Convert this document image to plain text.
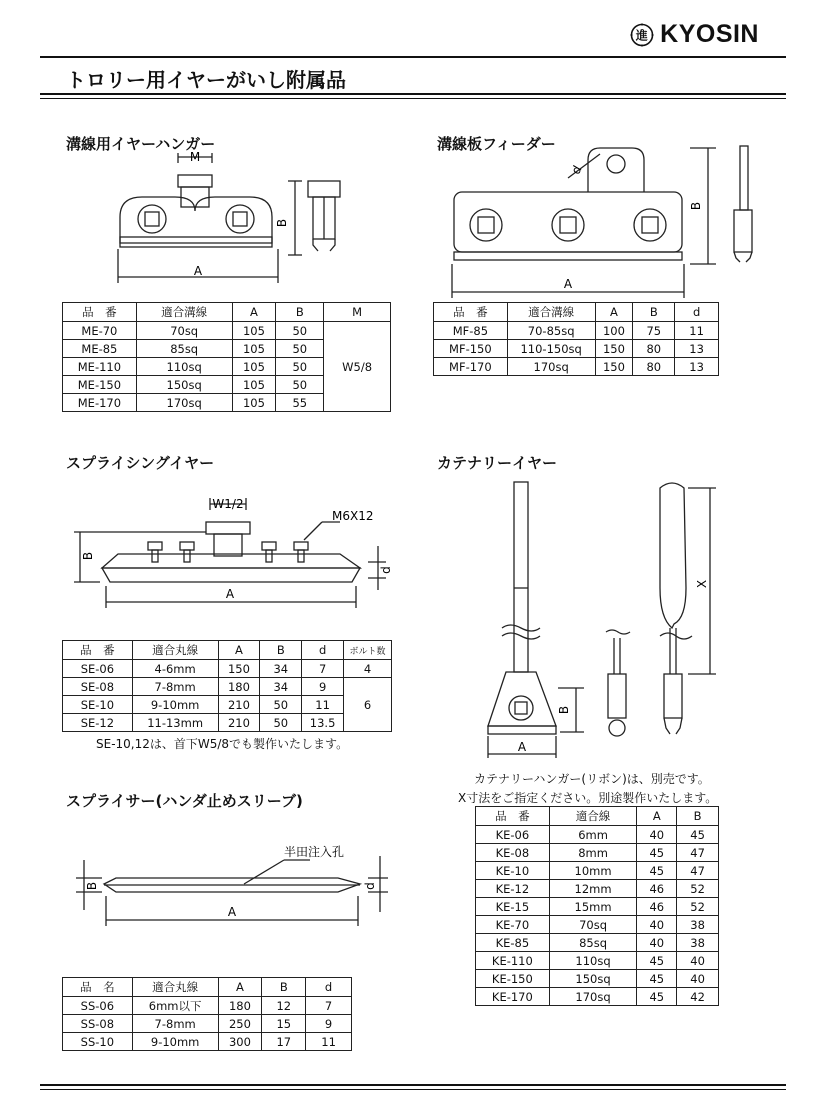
進 KYOSIN
トロリー用イヤーがいし附属品
溝線用イヤーハンガー
M
A
B
品　番	適合溝線	A	B	M
ME-70	70sq	105	50	W5/8
ME-85	85sq	105	50	
ME-110	110sq	105	50	
ME-150	150sq	105	50	
ME-170	170sq	105	55	
溝線板フィーダー
d
A
B
品　番	適合溝線	A	B	d
MF-85	70-85sq	100	75	11
MF-150	110-150sq	150	80	13
MF-170	170sq	150	80	13
スプライシングイヤー
W1/2
M6X12
B
d
A
品　番	適合丸線	A	B	d	ボルト数
SE-06	4-6mm	150	34	7	4
SE-08	7-8mm	180	34	9	6
SE-10	9-10mm	210	50	11	
SE-12	11-13mm	210	50	13.5	
SE-10,12は、首下W5/8でも製作いたします。
カテナリーイヤー
B
A
X
カテナリーハンガー(リボン)は、別売です。
X寸法をご指定ください。別途製作いたします。
品　番	適合線	A	B
KE-06	6mm	40	45
KE-08	8mm	45	47
KE-10	10mm	45	47
KE-12	12mm	46	52
KE-15	15mm	46	52
KE-70	70sq	40	38
KE-85	85sq	40	38
KE-110	110sq	45	40
KE-150	150sq	45	40
KE-170	170sq	45	42
スプライサー(ハンダ止めスリーブ)
半田注入孔
B	d
A
品　名	適合丸線	A	B	d
SS-06	6mm以下	180	12	7
SS-08	7-8mm	250	15	9
SS-10	9-10mm	300	17	11
